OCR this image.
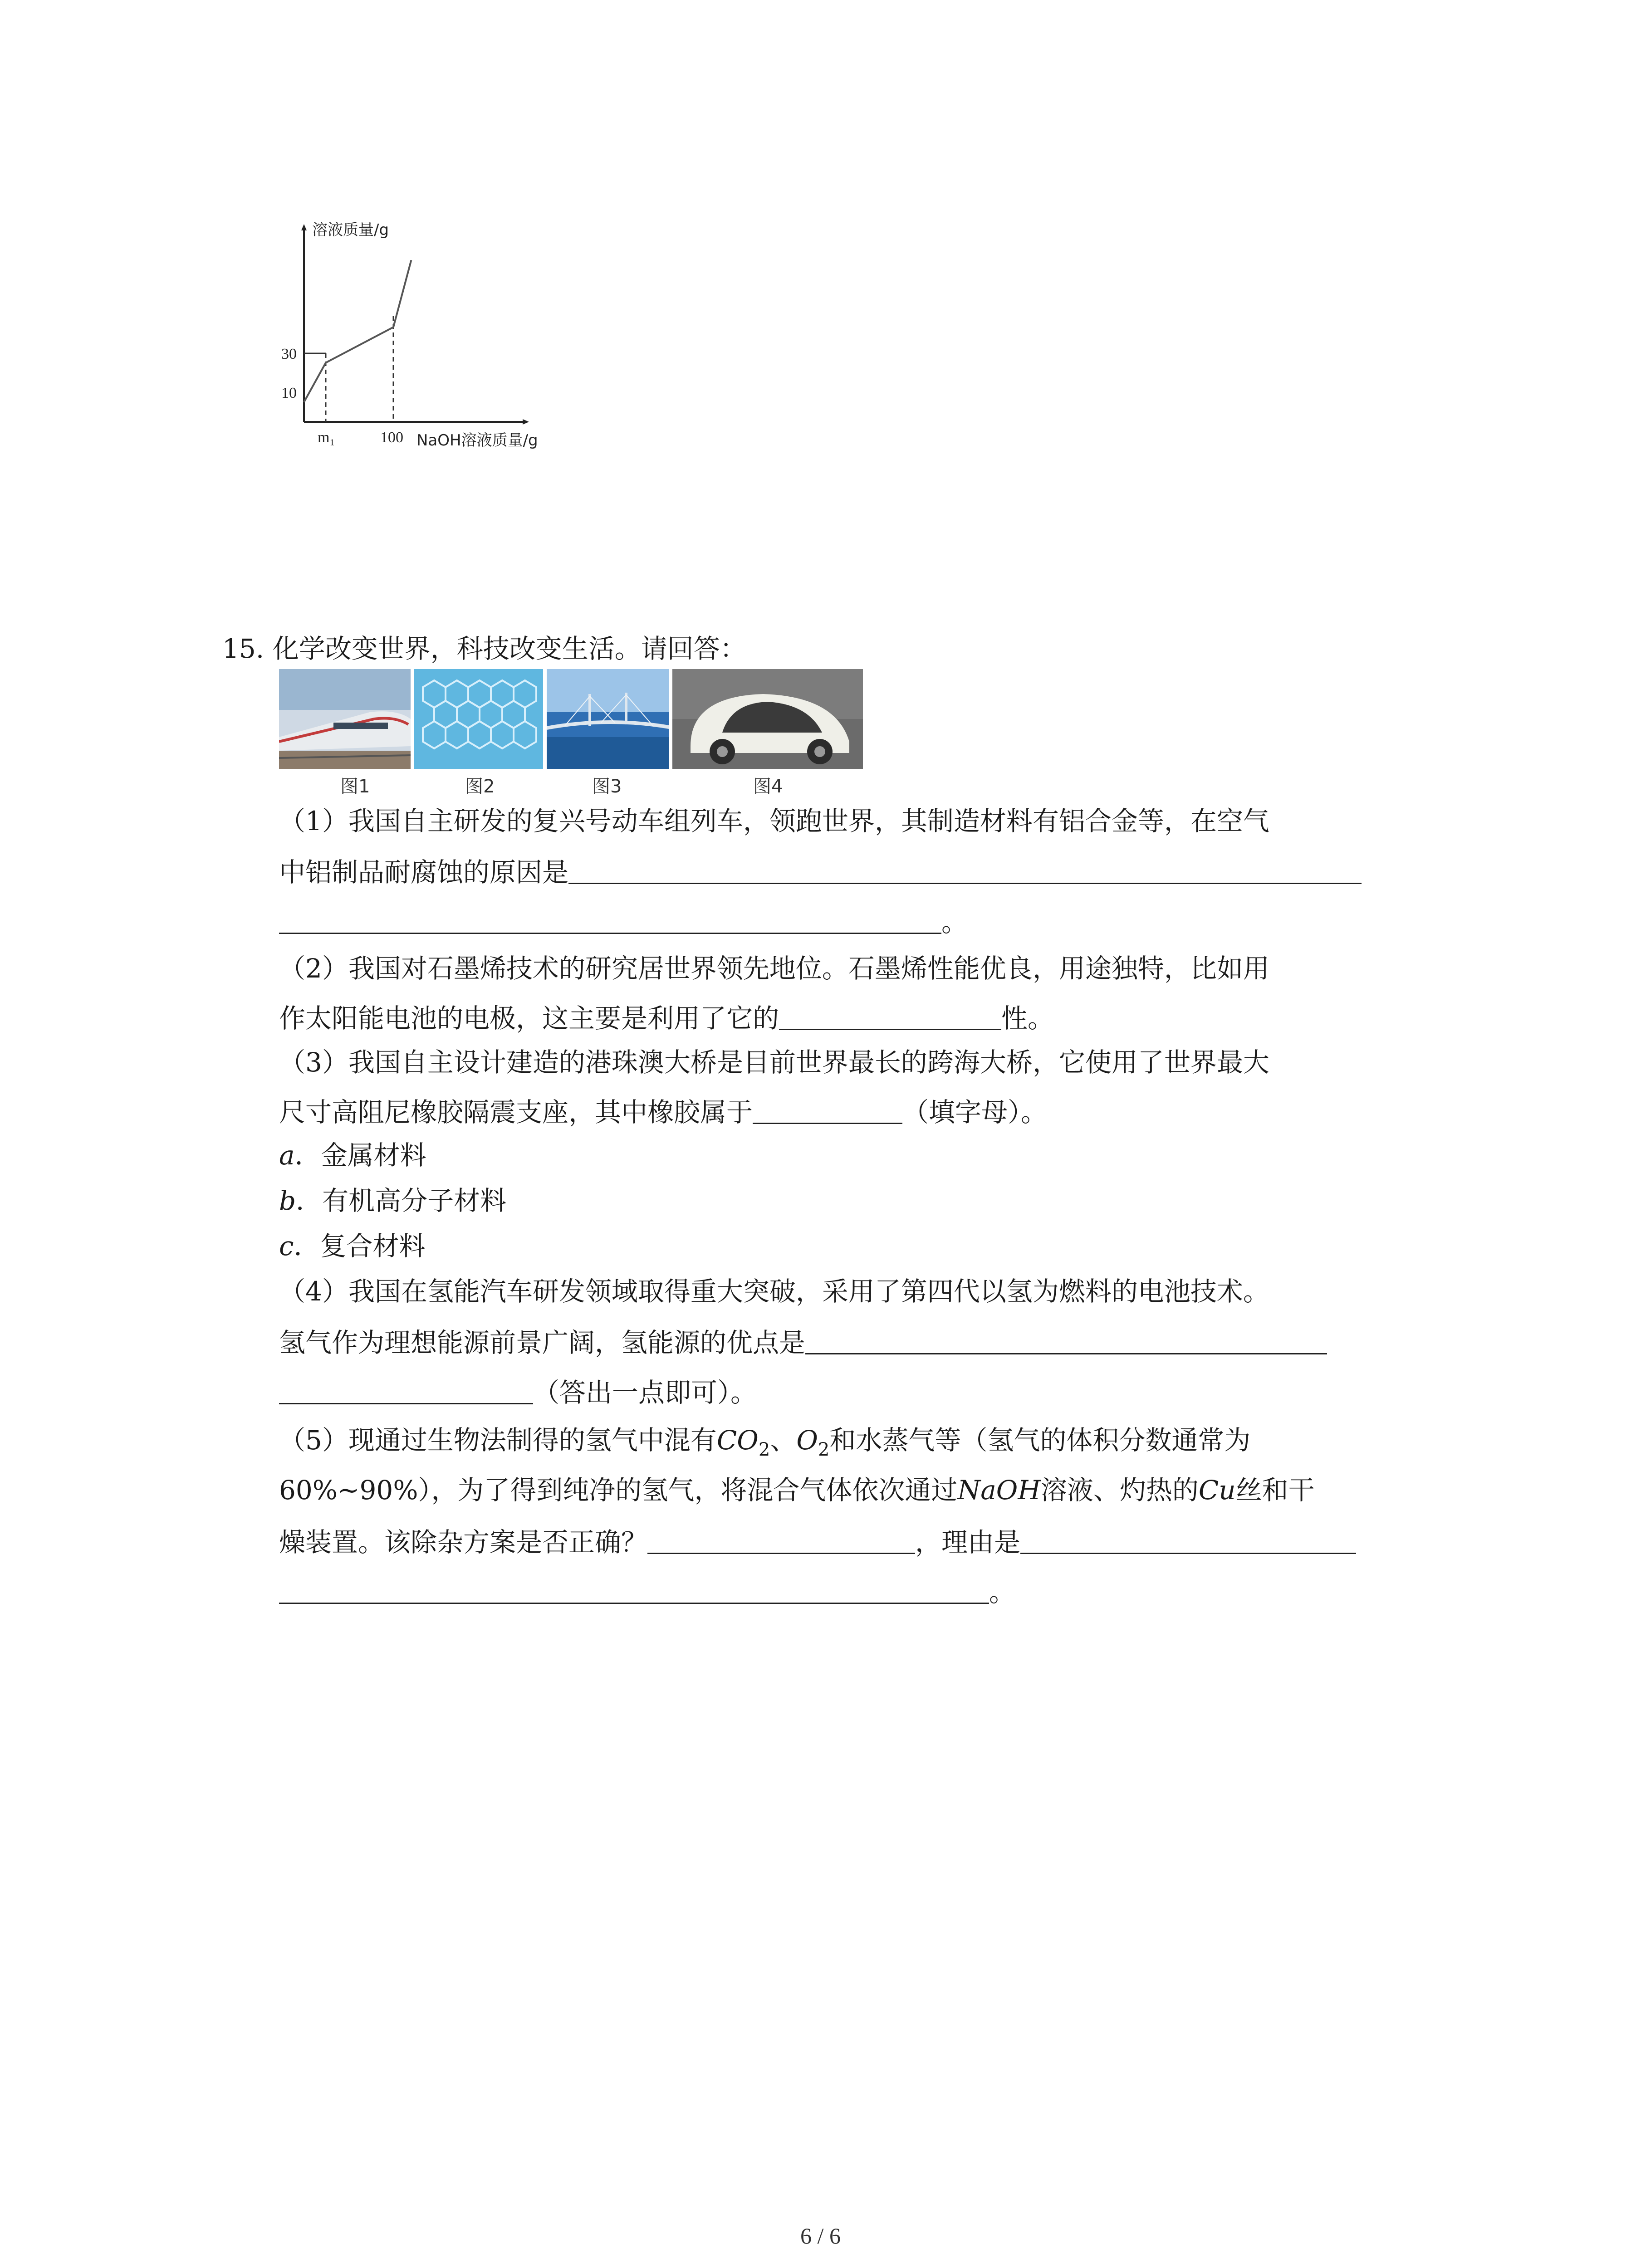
溶液质量/g
NaOH溶液质量/g
10
30
m₁	100
15. 化学改变世界，科技改变生活。请回答：
图1	图2	图3	图4
（1）我国自主研发的复兴号动车组列车，领跑世界，其制造材料有铝合金等，在空气
中铝制品耐腐蚀的原因是
。
（2）我国对石墨烯技术的研究居世界领先地位。石墨烯性能优良，用途独特，比如用
作太阳能电池的电极，这主要是利用了它的	性。
（3）我国自主设计建造的港珠澳大桥是目前世界最长的跨海大桥，它使用了世界最大
尺寸高阻尼橡胶隔震支座，其中橡胶属于	（填字母）。
a．金属材料
b．有机高分子材料
c．复合材料
（4）我国在氢能汽车研发领域取得重大突破，采用了第四代以氢为燃料的电池技术。
氢气作为理想能源前景广阔，氢能源的优点是
（答出一点即可）。
（5）现通过生物法制得的氢气中混有$CO_2$、$O_2$和水蒸气等（氢气的体积分数通常为
60%~90%），为了得到纯净的氢气，将混合气体依次通过NaOH溶液、灼热的Cu丝和干
燥装置。该除杂方案是否正确？	，理由是
。
6 / 6
